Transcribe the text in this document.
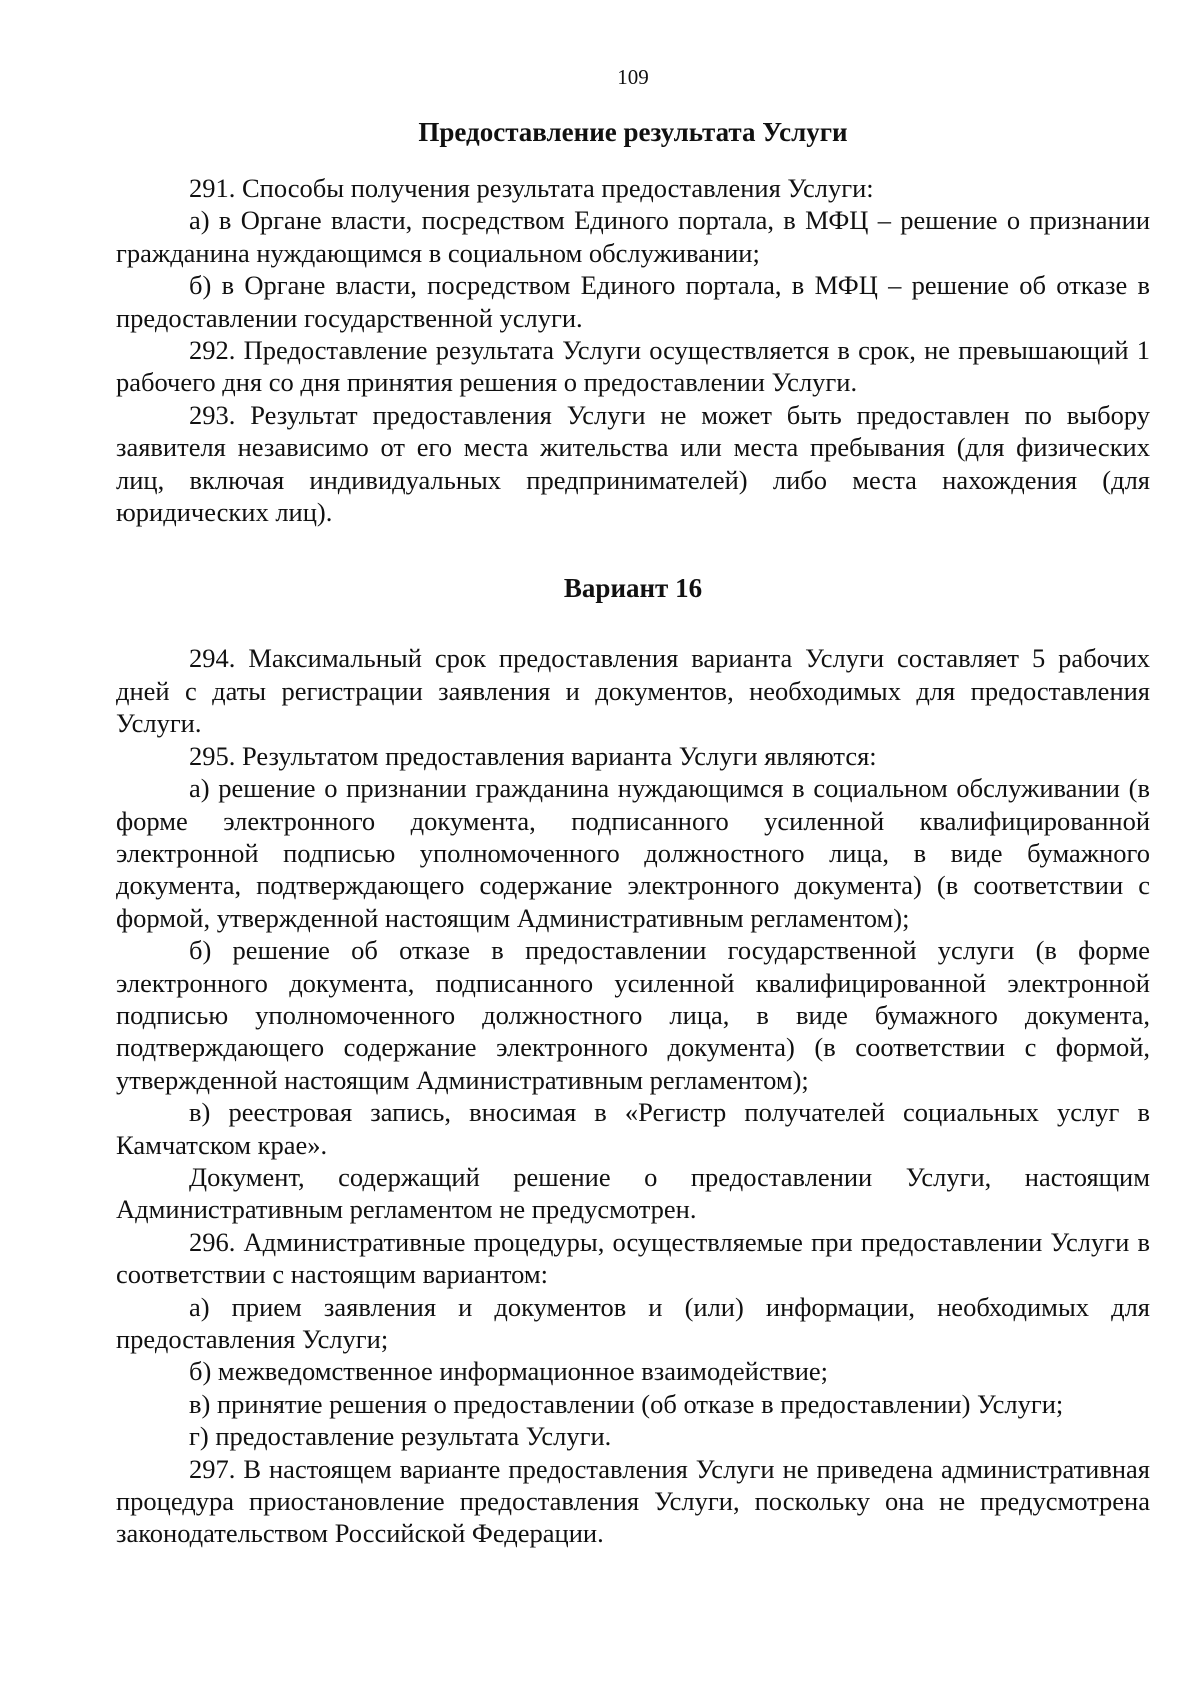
109
Предоставление результата Услуги

291. Способы получения результата предоставления Услуги:

а) в Органе власти, посредством Единого портала, в МФЦ – решение о признании гражданина нуждающимся в социальном обслуживании;

б) в Органе власти, посредством Единого портала, в МФЦ – решение об отказе в предоставлении государственной услуги.

292. Предоставление результата Услуги осуществляется в срок, не превышающий 1 рабочего дня со дня принятия решения о предоставлении Услуги.

293. Результат предоставления Услуги не может быть предоставлен по выбору заявителя независимо от его места жительства или места пребывания (для физических лиц, включая индивидуальных предпринимателей) либо места нахождения (для юридических лиц).

Вариант 16

294. Максимальный срок предоставления варианта Услуги составляет 5 рабочих дней с даты регистрации заявления и документов, необходимых для предоставления Услуги.

295. Результатом предоставления варианта Услуги являются:

а) решение о признании гражданина нуждающимся в социальном обслуживании (в форме электронного документа, подписанного усиленной квалифицированной электронной подписью уполномоченного должностного лица, в виде бумажного документа, подтверждающего содержание электронного документа) (в соответствии с формой, утвержденной настоящим Административным регламентом);

б) решение об отказе в предоставлении государственной услуги (в форме электронного документа, подписанного усиленной квалифицированной электронной подписью уполномоченного должностного лица, в виде бумажного документа, подтверждающего содержание электронного документа) (в соответствии с формой, утвержденной настоящим Административным регламентом);

в) реестровая запись, вносимая в «Регистр получателей социальных услуг в Камчатском крае».

Документ, содержащий решение о предоставлении Услуги, настоящим Административным регламентом не предусмотрен.

296. Административные процедуры, осуществляемые при предоставлении Услуги в соответствии с настоящим вариантом:

а) прием заявления и документов и (или) информации, необходимых для предоставления Услуги;

б) межведомственное информационное взаимодействие;

в) принятие решения о предоставлении (об отказе в предоставлении) Услуги;

г) предоставление результата Услуги.

297. В настоящем варианте предоставления Услуги не приведена административная процедура приостановление предоставления Услуги, поскольку она не предусмотрена законодательством Российской Федерации.
